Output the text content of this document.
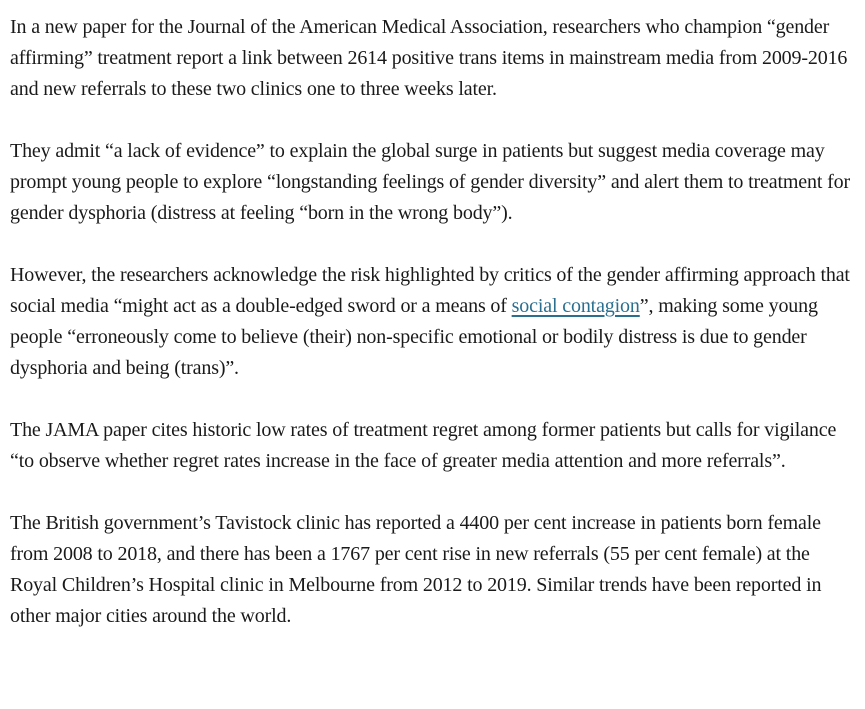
In a new paper for the Journal of the American Medical Association, researchers who champion “gender affirming” treatment report a link between 2614 positive trans items in mainstream media from 2009-2016 and new referrals to these two clinics one to three weeks later.

They admit “a lack of evidence” to explain the global surge in patients but suggest media coverage may prompt young people to explore “longstanding feelings of gender diversity” and alert them to treatment for gender dysphoria (distress at feeling “born in the wrong body”).

However, the researchers acknowledge the risk highlighted by critics of the gender affirming approach that social media “might act as a double-edged sword or a means of social contagion”, making some young people “erroneously come to believe (their) non-specific emotional or bodily distress is due to gender dysphoria and being (trans)”.

The JAMA paper cites historic low rates of treatment regret among former patients but calls for vigilance “to observe whether regret rates increase in the face of greater media attention and more referrals”.

The British government’s Tavistock clinic has reported a 4400 per cent increase in patients born female from 2008 to 2018, and there has been a 1767 per cent rise in new referrals (55 per cent female) at the Royal Children’s Hospital clinic in Melbourne from 2012 to 2019. Similar trends have been reported in other major cities around the world.
